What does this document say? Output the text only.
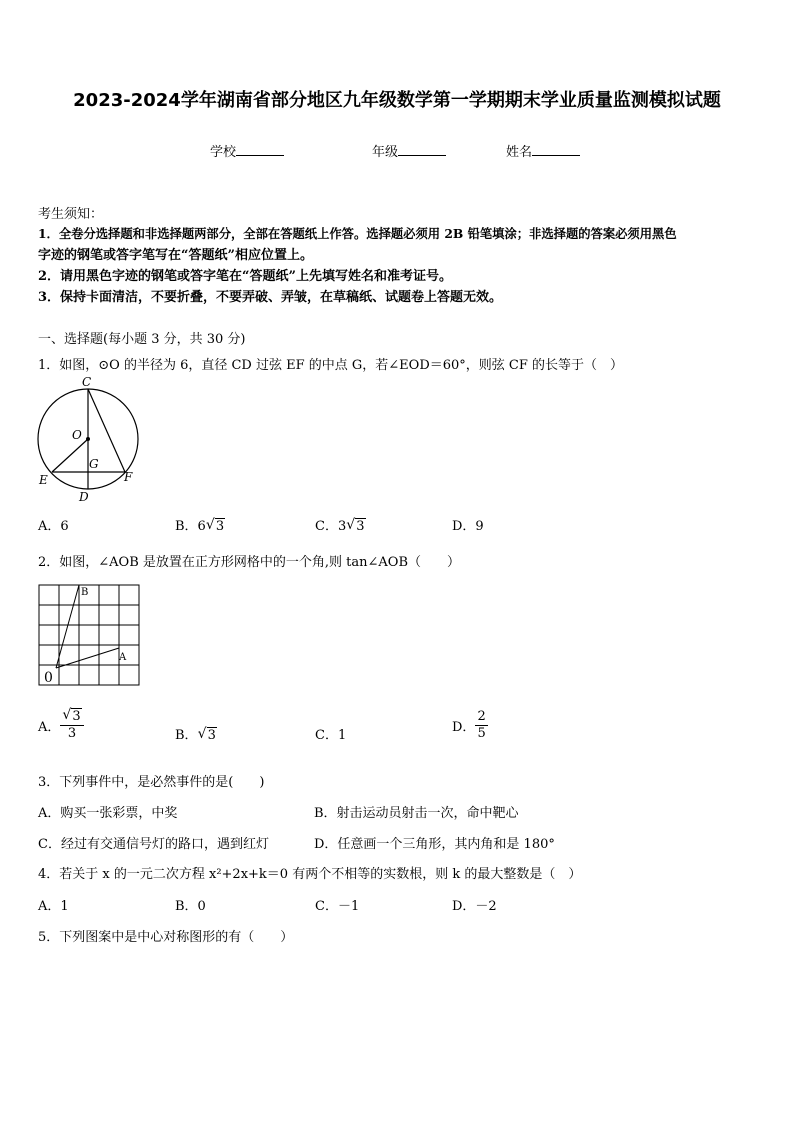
2023-2024学年湖南省部分地区九年级数学第一学期期末学业质量监测模拟试题
学校	年级	姓名
考生须知：
1．全卷分选择题和非选择题两部分，全部在答题纸上作答。选择题必须用 2B 铅笔填涂；非选择题的答案必须用黑色
字迹的钢笔或答字笔写在“答题纸”相应位置上。
2．请用黑色字迹的钢笔或答字笔在“答题纸”上先填写姓名和准考证号。
3．保持卡面清洁，不要折叠，不要弄破、弄皱，在草稿纸、试题卷上答题无效。
一、选择题(每小题 3 分，共 30 分)
1．如图，⊙O 的半径为 6，直径 CD 过弦 EF 的中点 G，若∠EOD＝60°，则弦 CF 的长等于（　）
C
O
G
E	F
D
A．6	B．6 √ 3	C．3 √ 3	D．9
2．如图，∠AOB 是放置在正方形网格中的一个角,则 tan∠AOB（　　）
B
A
0
A． $\frac{√ 3}{3}$	B． √ 3	C．1
D． $\frac{2}{5}$
3．下列事件中，是必然事件的是(　　)
A．购买一张彩票，中奖	B．射击运动员射击一次，命中靶心
C．经过有交通信号灯的路口，遇到红灯	D．任意画一个三角形，其内角和是 180°
4．若关于 x 的一元二次方程 x²+2x+k＝0 有两个不相等的实数根，则 k 的最大整数是（　）
A．1	B．0	C．－1	D．－2
5．下列图案中是中心对称图形的有（　　）
